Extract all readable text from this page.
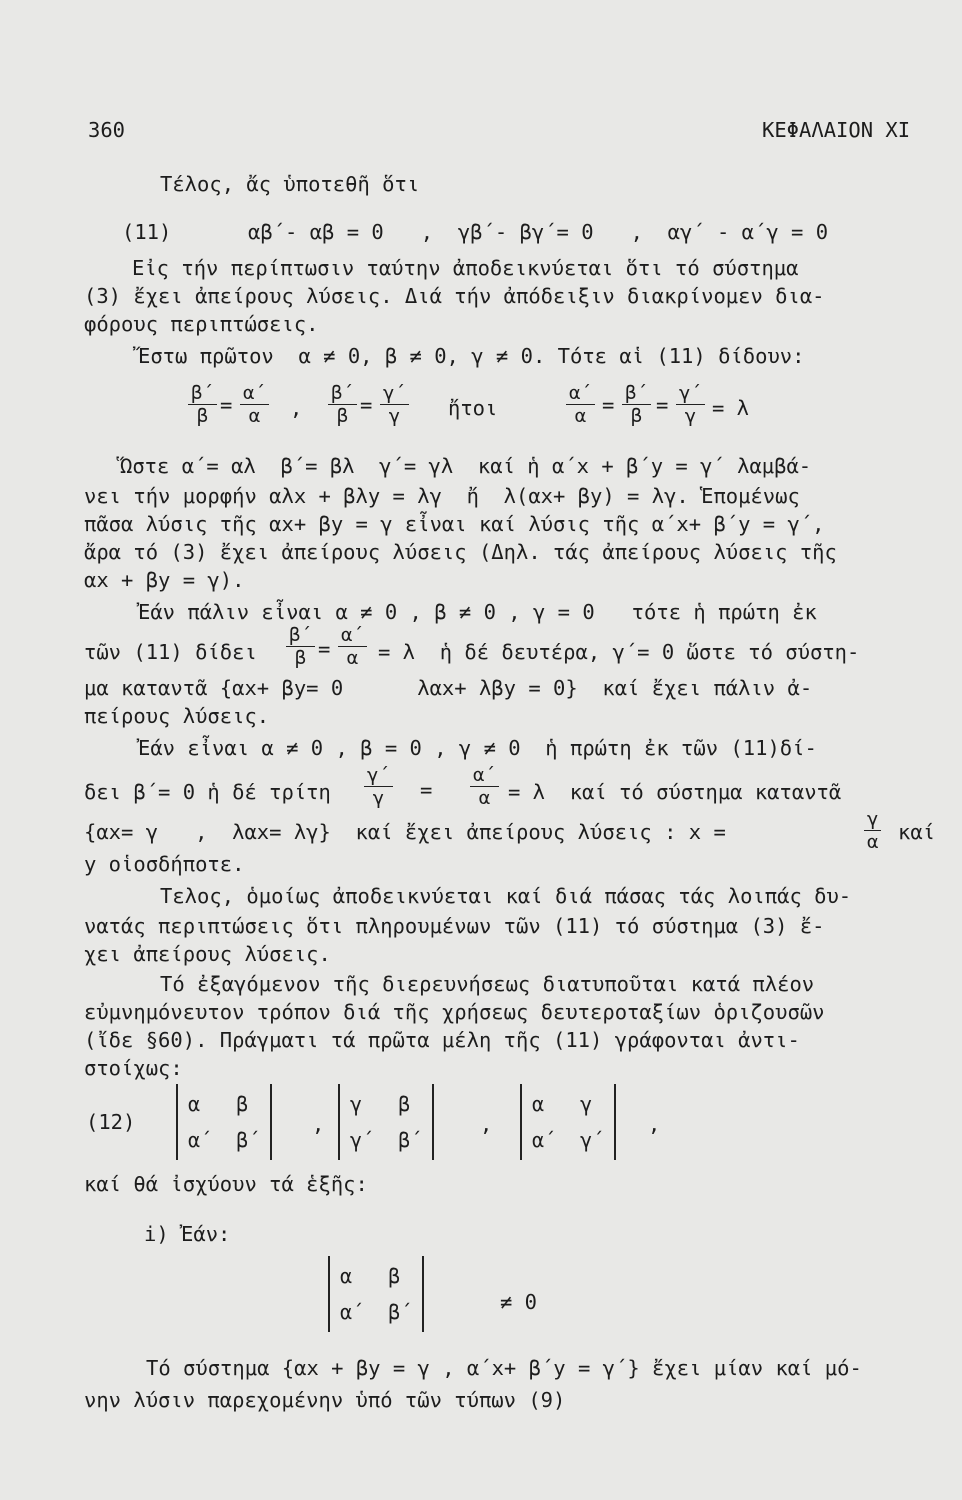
360	ΚΕΦΑΛΑΙΟΝ ΧΙ
Τέλος, ἄς ὑποτεθῆ ὅτι
(11)	αβ΄- αβ = 0   ,  γβ΄- βγ΄= 0   ,  αγ΄ - α΄γ = 0
Εἰς τήν περίπτωσιν ταύτην ἀποδεικνύεται ὅτι τό σύστημα
(3) ἔχει ἀπείρους λύσεις. Διά τήν ἀπόδειξιν διακρίνομεν δια-
φόρους περιπτώσεις.
Ἔστω πρῶτον  α ≠ 0, β ≠ 0, γ ≠ 0. Τότε αἱ (11) δίδουν:
$\frac{\beta΄}{\beta} = \frac{\alpha΄}{\alpha}$ , $\frac{\beta΄}{\beta} = \frac{\gamma΄}{\gamma}$ ἤτοι	$\frac{\alpha΄}{\alpha} = \frac{\beta΄}{\beta} = \frac{\gamma΄}{\gamma} = \lambda$
Ὥστε α΄= αλ  β΄= βλ  γ΄= γλ  καί ἡ α΄x + β΄y = γ΄ λαμβά-
νει τήν μορφήν αλx + βλy = λγ  ἤ  λ(αx+ βy) = λγ. Ἑπομένως
πᾶσα λύσις τῆς αx+ βy = γ εἶναι καί λύσις τῆς α΄x+ β΄y = γ΄,
ἄρα τό (3) ἔχει ἀπείρους λύσεις (Δηλ. τάς ἀπείρους λύσεις τῆς
αx + βy = γ).
Ἐάν πάλιν εἶναι α ≠ 0 , β ≠ 0 , γ = 0   τότε ἡ πρώτη ἐκ
τῶν (11) δίδει $\frac{\beta΄}{\beta} = \frac{\alpha΄}{\alpha} = \lambda$  ἡ δέ δευτέρα, γ΄= 0 ὥστε τό σύστη-
μα καταντᾶ {αx+ βy= 0      λαx+ λβy = 0}  καί ἔχει πάλιν ἀ-
πείρους λύσεις.
Ἐάν εἶναι α ≠ 0 , β = 0 , γ ≠ 0  ἡ πρώτη ἐκ τῶν (11)δί-
δει β΄= 0 ἡ δέ τρίτη $\frac{\gamma΄}{\gamma} = \frac{\alpha΄}{\alpha} = \lambda$  καί τό σύστημα καταντᾶ
{αx= γ   ,  λαx= λγ}  καί ἔχει ἀπείρους λύσεις : x =	$\frac{\gamma}{\alpha}$ καί
y οἱοσδήποτε.
Τελος, ὁμοίως ἀποδεικνύεται καί διά πάσας τάς λοιπάς δυ-
νατάς περιπτώσεις ὅτι πληρουμένων τῶν (11) τό σύστημα (3) ἔ-
χει ἀπείρους λύσεις.
Τό ἐξαγόμενον τῆς διερευνήσεως διατυποῦται κατά πλέον
εὐμνημόνευτον τρόπον διά τῆς χρήσεως δευτεροταξίων ὁριζουσῶν
(ἴδε §60). Πράγματι τά πρῶτα μέλη τῆς (11) γράφονται ἀντι-
στοίχως:
(12)
α   β
α΄  β΄
,
γ   β
γ΄  β΄
,
α   γ
α΄  γ΄
,
καί θά ἰσχύουν τά ἑξῆς:
i) Ἐάν:
α   β
α΄  β΄	≠ 0
Τό σύστημα {αx + βy = γ , α΄x+ β΄y = γ΄} ἔχει μίαν καί μό-
νην λύσιν παρεχομένην ὑπό τῶν τύπων (9)
